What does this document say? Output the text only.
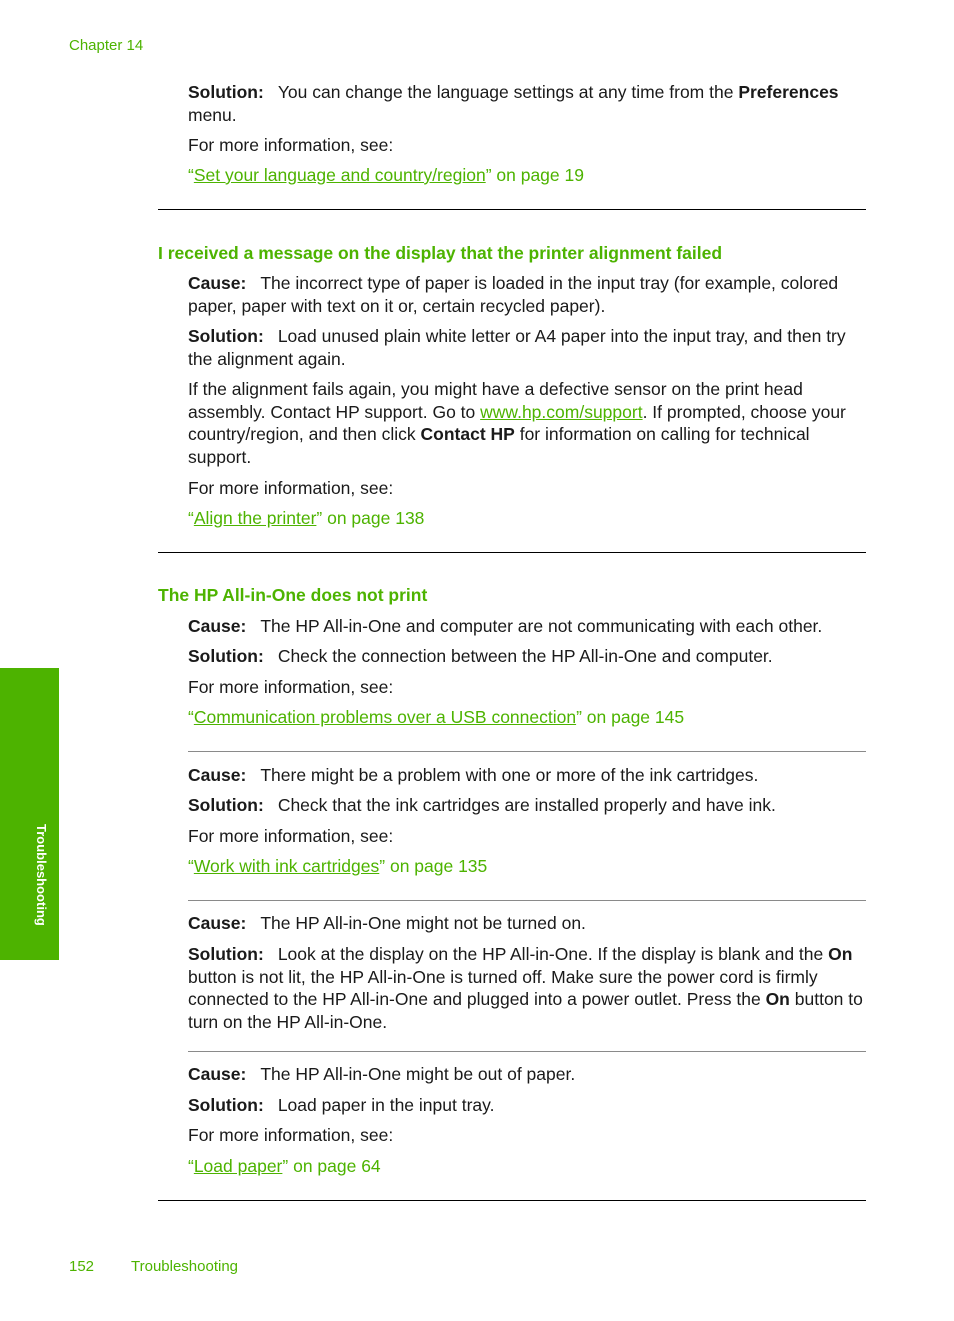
Chapter 14

Solution: You can change the language settings at any time from the Preferences menu.

For more information, see:
“Set your language and country/region” on page 19
I received a message on the display that the printer alignment failed
Cause: The incorrect type of paper is loaded in the input tray (for example, colored paper, paper with text on it or, certain recycled paper).
Solution: Load unused plain white letter or A4 paper into the input tray, and then try the alignment again.
If the alignment fails again, you might have a defective sensor on the print head assembly. Contact HP support. Go to www.hp.com/support. If prompted, choose your country/region, and then click Contact HP for information on calling for technical support.
For more information, see:
“Align the printer” on page 138
The HP All-in-One does not print
Cause: The HP All-in-One and computer are not communicating with each other.
Solution: Check the connection between the HP All-in-One and computer.
For more information, see:
“Communication problems over a USB connection” on page 145
Cause: There might be a problem with one or more of the ink cartridges.
Solution: Check that the ink cartridges are installed properly and have ink.
For more information, see:
“Work with ink cartridges” on page 135
Cause: The HP All-in-One might not be turned on.
Solution: Look at the display on the HP All-in-One. If the display is blank and the On button is not lit, the HP All-in-One is turned off. Make sure the power cord is firmly connected to the HP All-in-One and plugged into a power outlet. Press the On button to turn on the HP All-in-One.
Cause: The HP All-in-One might be out of paper.
Solution: Load paper in the input tray.
For more information, see:
“Load paper” on page 64
Troubleshooting
152 Troubleshooting
